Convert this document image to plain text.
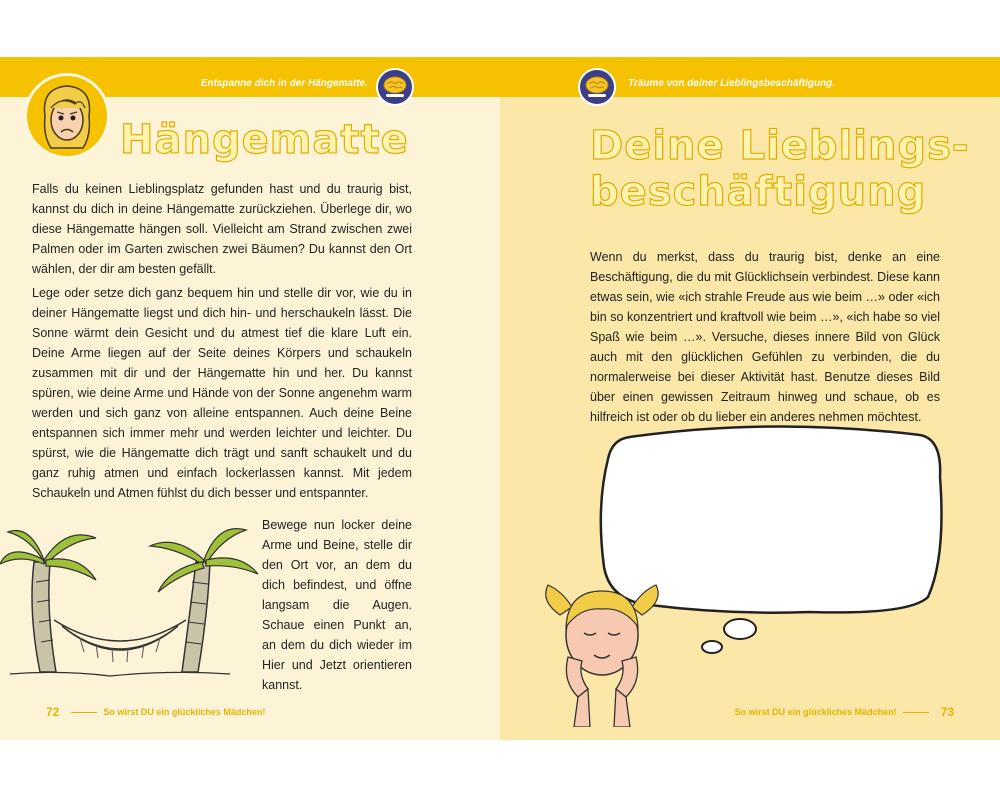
Entspanne dich in der Hängematte.
Hängematte

Falls du keinen Lieblingsplatz gefunden hast und du traurig bist, kannst du dich in deine Hängematte zurückziehen. Überlege dir, wo diese Hängematte hängen soll. Vielleicht am Strand zwischen zwei Palmen oder im Garten zwischen zwei Bäumen? Du kannst den Ort wählen, der dir am besten gefällt.

Lege oder setze dich ganz bequem hin und stelle dir vor, wie du in deiner Hängematte liegst und dich hin- und herschaukeln lässt. Die Sonne wärmt dein Gesicht und du atmest tief die klare Luft ein. Deine Arme liegen auf der Seite deines Körpers und schaukeln zusammen mit dir und der Hängematte hin und her. Du kannst spüren, wie deine Arme und Hände von der Sonne angenehm warm werden und sich ganz von alleine entspannen. Auch deine Beine entspannen sich immer mehr und werden leichter und leichter. Du spürst, wie die Hängematte dich trägt und sanft schaukelt und du ganz ruhig atmen und einfach lockerlassen kannst. Mit jedem Schaukeln und Atmen fühlst du dich besser und entspannter.

Bewege nun locker deine Arme und Beine, stelle dir den Ort vor, an dem du dich befindest, und öffne langsam die Augen. Schaue einen Punkt an, an dem du dich wieder im Hier und Jetzt orientieren kannst.

72	So wirst DU ein glückliches Mädchen!
Träume von deiner Lieblingsbeschäftigung.
Deine Lieblings-
beschäftigung

Wenn du merkst, dass du traurig bist, denke an eine Beschäftigung, die du mit Glücklichsein verbindest. Diese kann etwas sein, wie «ich strahle Freude aus wie beim …» oder «ich bin so konzentriert und kraftvoll wie beim …», «ich habe so viel Spaß wie beim …». Versuche, dieses innere Bild von Glück auch mit den glücklichen Gefühlen zu verbinden, die du normalerweise bei dieser Aktivität hast. Benutze dieses Bild über einen gewissen Zeitraum hinweg und schaue, ob es hilfreich ist oder ob du lieber ein anderes nehmen möchtest.

So wirst DU ein glückliches Mädchen!	73
